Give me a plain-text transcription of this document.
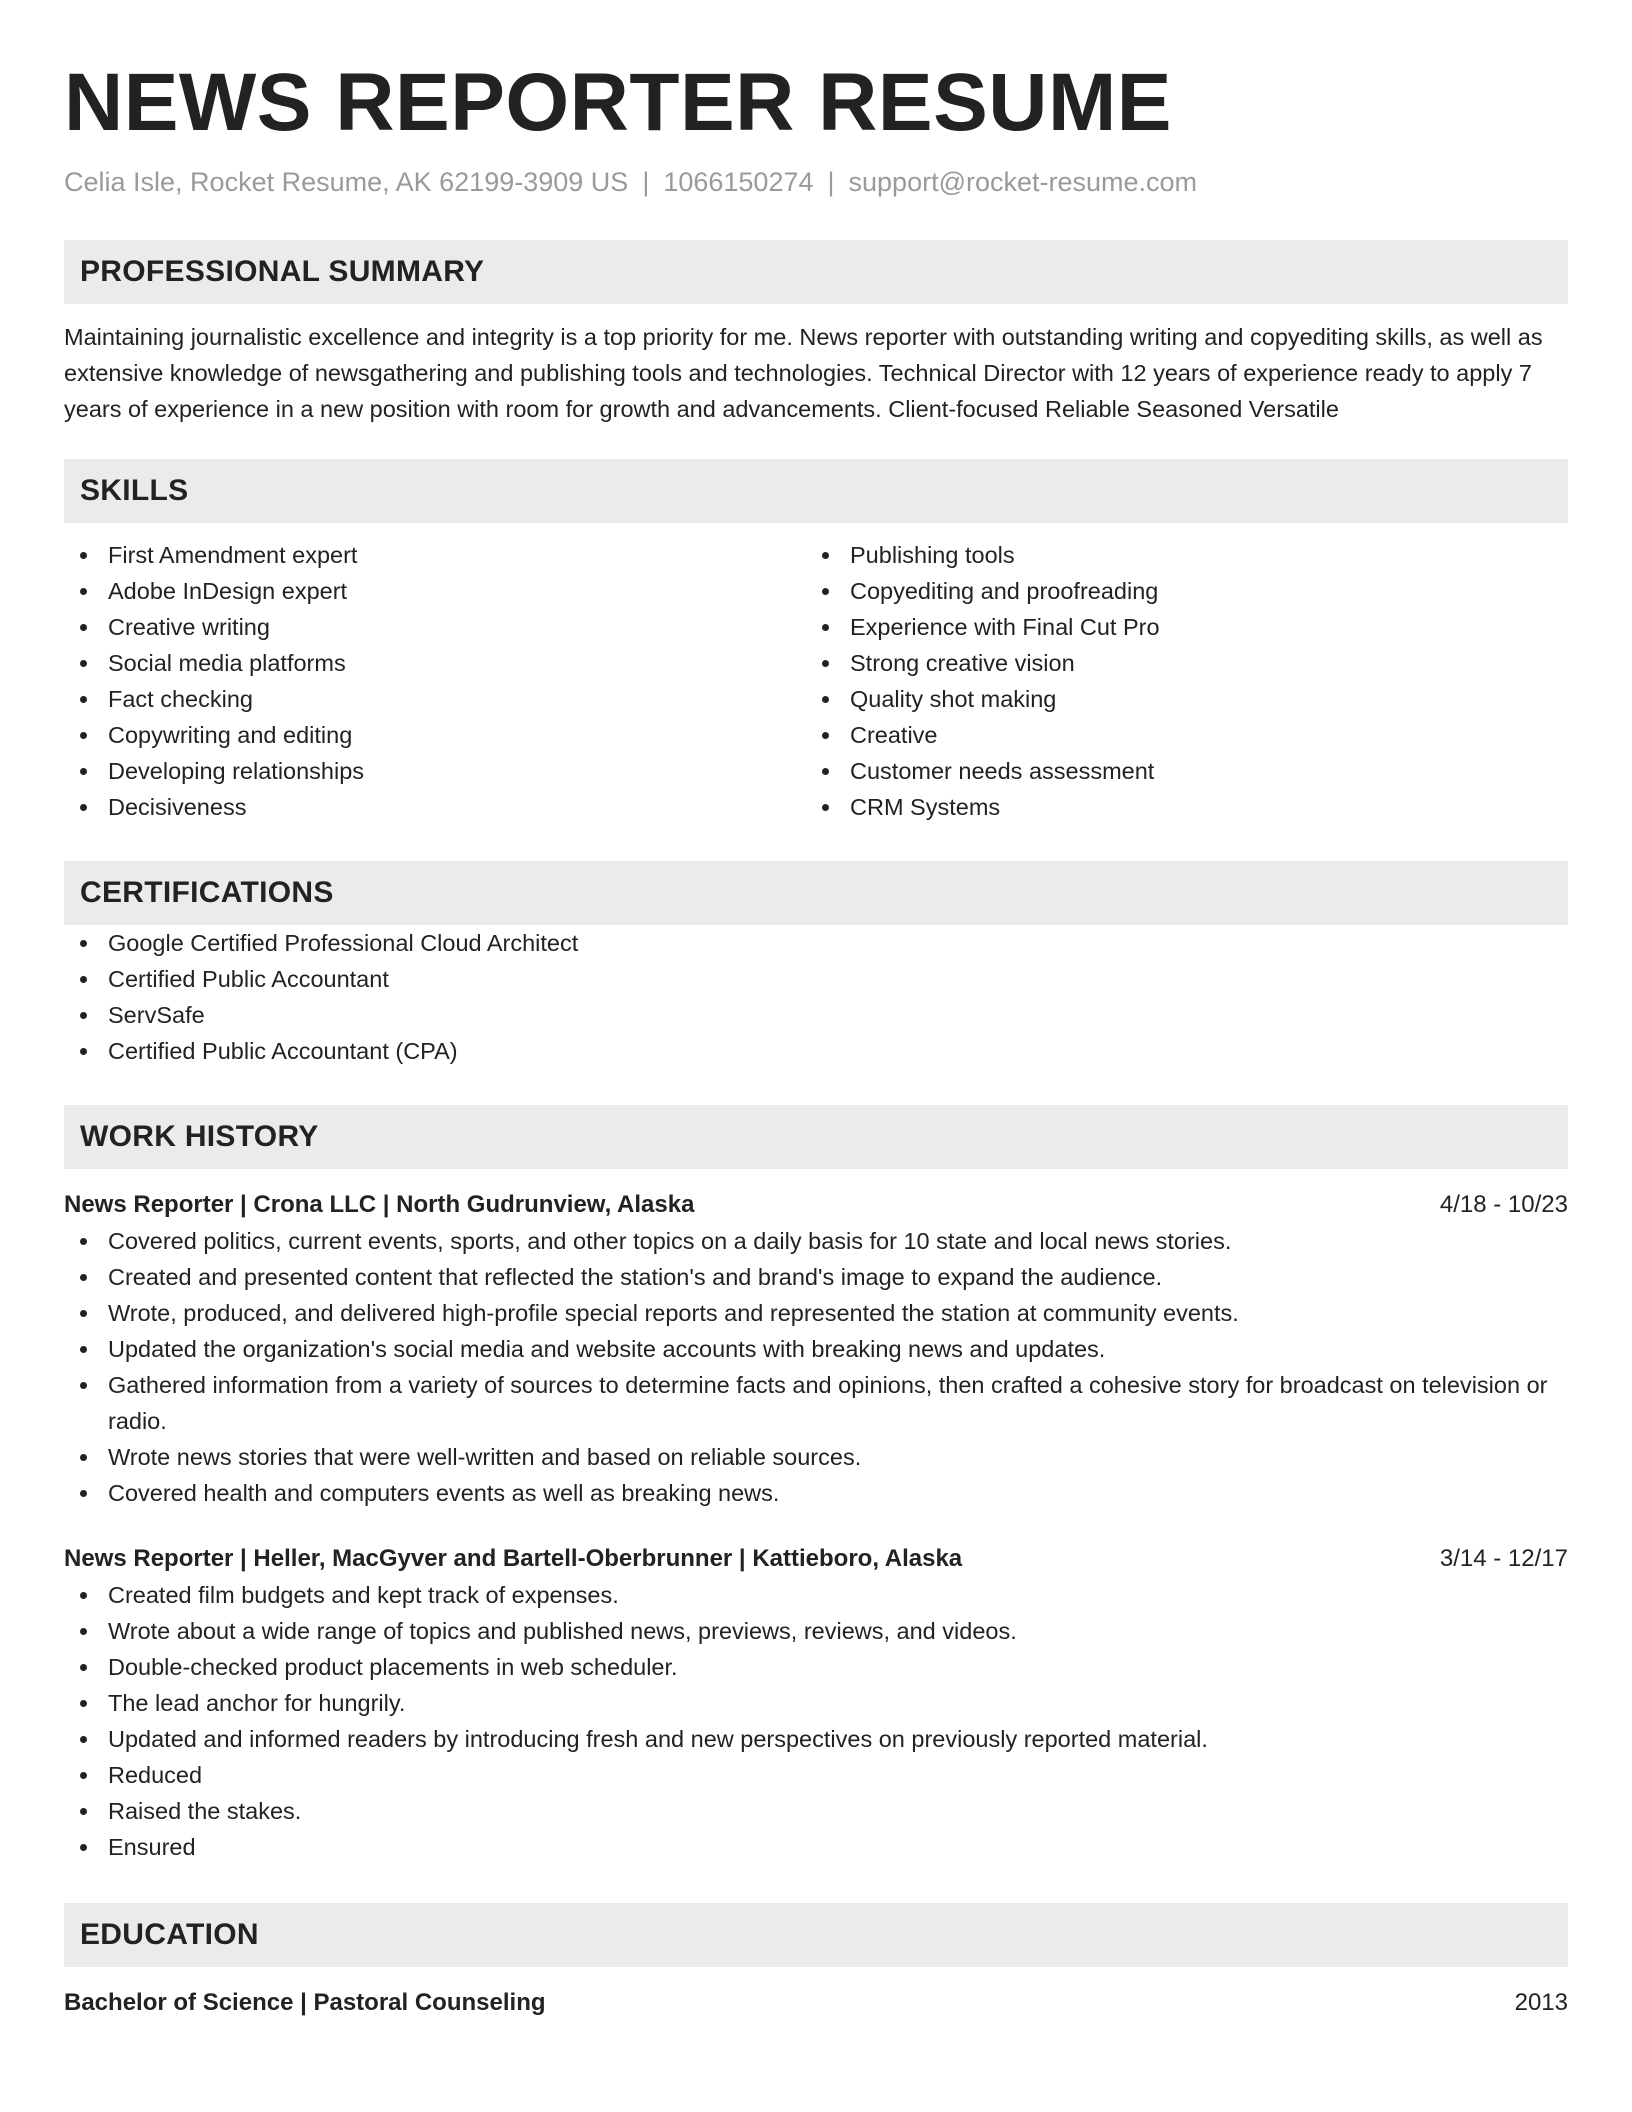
NEWS REPORTER RESUME
Celia Isle, Rocket Resume, AK 62199-3909 US | 1066150274 | support@rocket-resume.com
PROFESSIONAL SUMMARY
Maintaining journalistic excellence and integrity is a top priority for me. News reporter with outstanding writing and copyediting skills, as well as extensive knowledge of newsgathering and publishing tools and technologies. Technical Director with 12 years of experience ready to apply 7 years of experience in a new position with room for growth and advancements. Client-focused Reliable Seasoned Versatile
SKILLS
First Amendment expert
Adobe InDesign expert
Creative writing
Social media platforms
Fact checking
Copywriting and editing
Developing relationships
Decisiveness
Publishing tools
Copyediting and proofreading
Experience with Final Cut Pro
Strong creative vision
Quality shot making
Creative
Customer needs assessment
CRM Systems
CERTIFICATIONS
Google Certified Professional Cloud Architect
Certified Public Accountant
ServSafe
Certified Public Accountant (CPA)
WORK HISTORY
News Reporter | Crona LLC | North Gudrunview, Alaska	4/18 - 10/23
Covered politics, current events, sports, and other topics on a daily basis for 10 state and local news stories.
Created and presented content that reflected the station's and brand's image to expand the audience.
Wrote, produced, and delivered high-profile special reports and represented the station at community events.
Updated the organization's social media and website accounts with breaking news and updates.
Gathered information from a variety of sources to determine facts and opinions, then crafted a cohesive story for broadcast on television or radio.
Wrote news stories that were well-written and based on reliable sources.
Covered health and computers events as well as breaking news.
News Reporter | Heller, MacGyver and Bartell-Oberbrunner | Kattieboro, Alaska	3/14 - 12/17
Created film budgets and kept track of expenses.
Wrote about a wide range of topics and published news, previews, reviews, and videos.
Double-checked product placements in web scheduler.
The lead anchor for hungrily.
Updated and informed readers by introducing fresh and new perspectives on previously reported material.
Reduced
Raised the stakes.
Ensured
EDUCATION
Bachelor of Science | Pastoral Counseling	2013
